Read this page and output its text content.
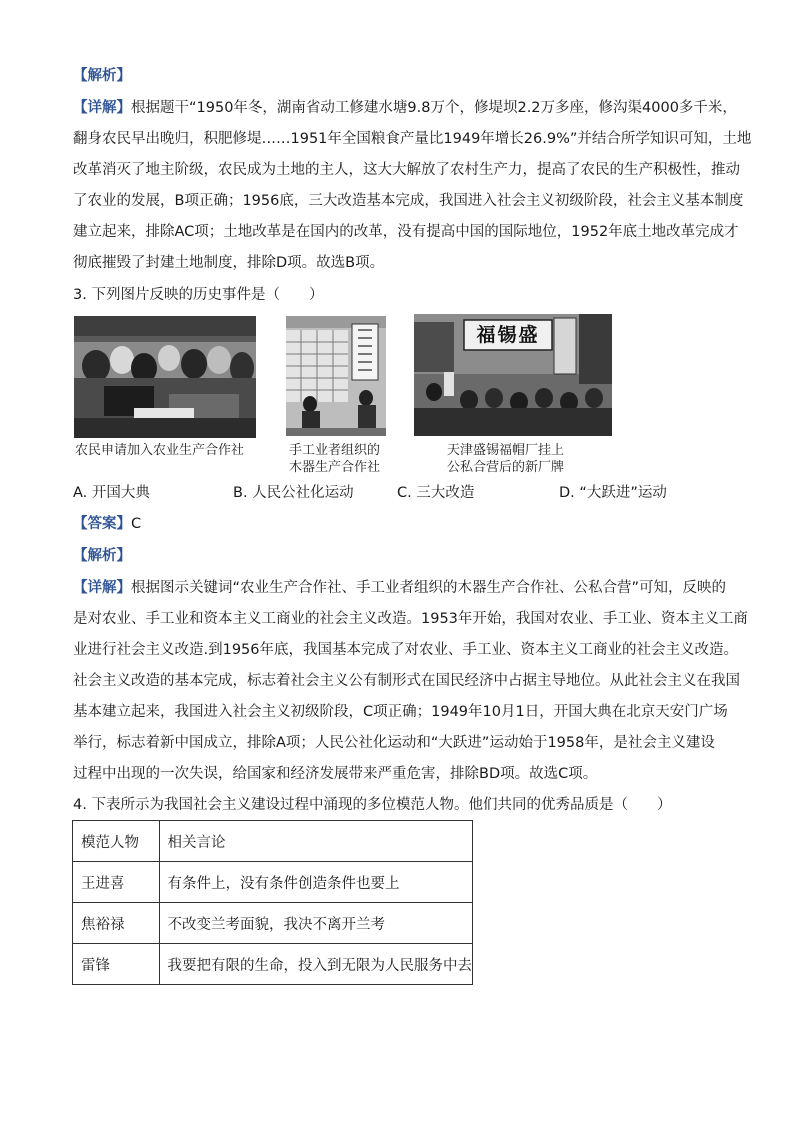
【解析】
【详解】根据题干“1950年冬，湖南省动工修建水塘9.8万个，修堤坝2.2万多座，修沟渠4000多千米，
翻身农民早出晚归，积肥修堤……1951年全国粮食产量比1949年增长26.9%”并结合所学知识可知，土地
改革消灭了地主阶级，农民成为土地的主人，这大大解放了农村生产力，提高了农民的生产积极性，推动
了农业的发展，B项正确；1956底，三大改造基本完成，我国进入社会主义初级阶段，社会主义基本制度
建立起来，排除AC项；土地改革是在国内的改革，没有提高中国的国际地位，1952年底土地改革完成才
彻底摧毁了封建土地制度，排除D项。故选B项。
3. 下列图片反映的历史事件是（　　）
农民申请加入农业生产合作社	手工业者组织的
木器生产合作社
福锡盛
天津盛锡福帽厂挂上
公私合营后的新厂牌
A. 开国大典	B. 人民公社化运动	C. 三大改造	D. “大跃进”运动
【答案】C
【解析】
【详解】根据图示关键词“农业生产合作社、手工业者组织的木器生产合作社、公私合营”可知，反映的
是对农业、手工业和资本主义工商业的社会主义改造。1953年开始，我国对农业、手工业、资本主义工商
业进行社会主义改造.到1956年底，我国基本完成了对农业、手工业、资本主义工商业的社会主义改造。
社会主义改造的基本完成，标志着社会主义公有制形式在国民经济中占据主导地位。从此社会主义在我国
基本建立起来，我国进入社会主义初级阶段，C项正确；1949年10月1日，开国大典在北京天安门广场
举行，标志着新中国成立，排除A项；人民公社化运动和“大跃进”运动始于1958年，是社会主义建设
过程中出现的一次失误，给国家和经济发展带来严重危害，排除BD项。故选C项。
4. 下表所示为我国社会主义建设过程中涌现的多位模范人物。他们共同的优秀品质是（　　）
模范人物	相关言论
王进喜	有条件上，没有条件创造条件也要上
焦裕禄	不改变兰考面貌，我决不离开兰考
雷锋	我要把有限的生命，投入到无限为人民服务中去
